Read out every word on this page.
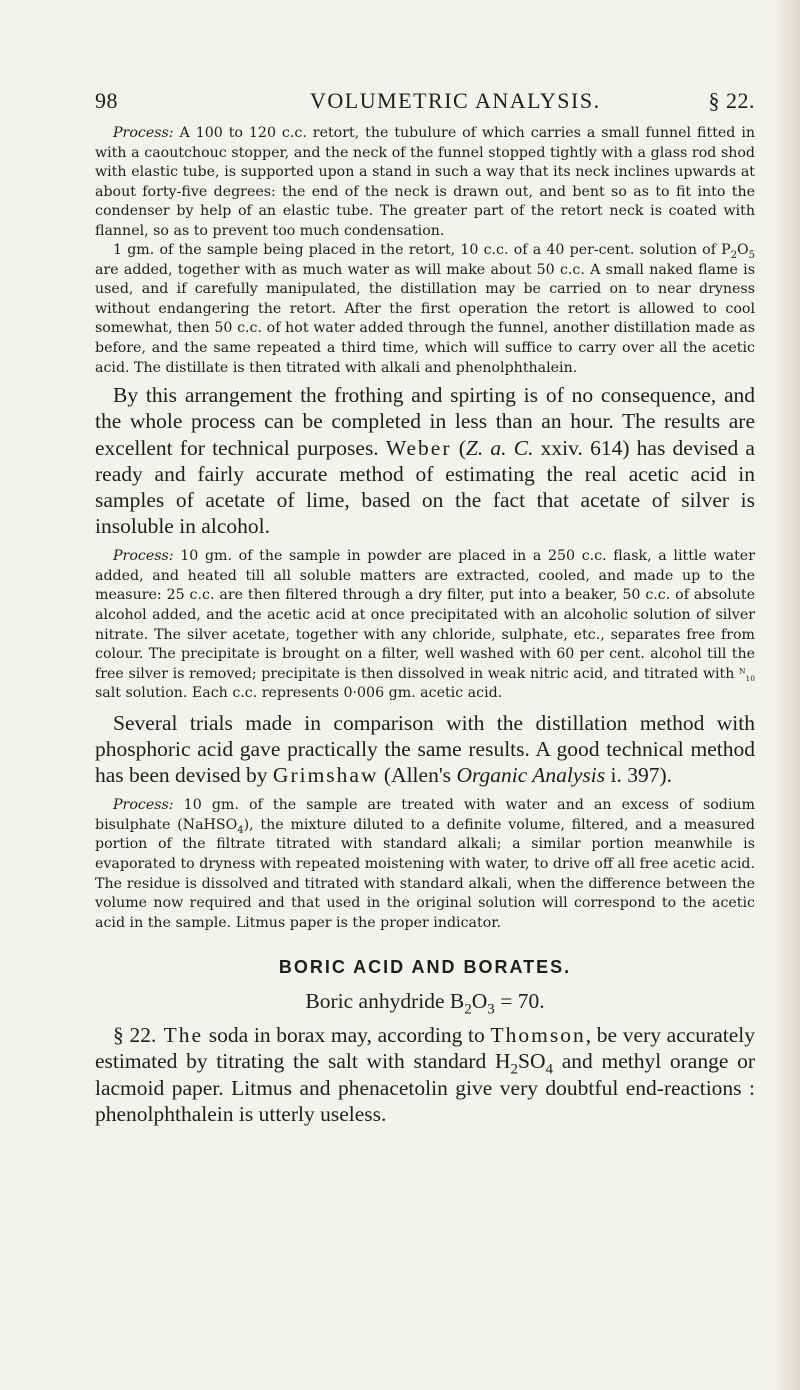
98	VOLUMETRIC ANALYSIS.	§ 22.

Process: A 100 to 120 c.c. retort, the tubulure of which carries a small funnel fitted in with a caoutchouc stopper, and the neck of the funnel stopped tightly with a glass rod shod with elastic tube, is supported upon a stand in such a way that its neck inclines upwards at about forty-five degrees: the end of the neck is drawn out, and bent so as to fit into the condenser by help of an elastic tube. The greater part of the retort neck is coated with flannel, so as to prevent too much condensation.

1 gm. of the sample being placed in the retort, 10 c.c. of a 40 per-cent. solution of $P_2O_5$ are added, together with as much water as will make about 50 c.c. A small naked flame is used, and if carefully manipulated, the distillation may be carried on to near dryness without endangering the retort. After the first operation the retort is allowed to cool somewhat, then 50 c.c. of hot water added through the funnel, another distillation made as before, and the same repeated a third time, which will suffice to carry over all the acetic acid. The distillate is then titrated with alkali and phenolphthalein.

By this arrangement the frothing and spirting is of no consequence, and the whole process can be completed in less than an hour. The results are excellent for technical purposes. Weber (Z. a. C. xxiv. 614) has devised a ready and fairly accurate method of estimating the real acetic acid in samples of acetate of lime, based on the fact that acetate of silver is insoluble in alcohol.

Process: 10 gm. of the sample in powder are placed in a 250 c.c. flask, a little water added, and heated till all soluble matters are extracted, cooled, and made up to the measure: 25 c.c. are then filtered through a dry filter, put into a beaker, 50 c.c. of absolute alcohol added, and the acetic acid at once precipitated with an alcoholic solution of silver nitrate. The silver acetate, together with any chloride, sulphate, etc., separates free from colour. The precipitate is brought on a filter, well washed with 60 per cent. alcohol till the free silver is removed; precipitate is then dissolved in weak nitric acid, and titrated with $^N_{10}$ salt solution. Each c.c. represents 0·006 gm. acetic acid.

Several trials made in comparison with the distillation method with phosphoric acid gave practically the same results. A good technical method has been devised by Grimshaw (Allen's Organic Analysis i. 397).

Process: 10 gm. of the sample are treated with water and an excess of sodium bisulphate (NaHSO$_4$), the mixture diluted to a definite volume, filtered, and a measured portion of the filtrate titrated with standard alkali; a similar portion meanwhile is evaporated to dryness with repeated moistening with water, to drive off all free acetic acid. The residue is dissolved and titrated with standard alkali, when the difference between the volume now required and that used in the original solution will correspond to the acetic acid in the sample. Litmus paper is the proper indicator.

BORIC ACID AND BORATES.
Boric anhydride $B_2O_3 = 70$.

§ 22. The soda in borax may, according to Thomson, be very accurately estimated by titrating the salt with standard $H_2SO_4$ and methyl orange or lacmoid paper. Litmus and phenacetolin give very doubtful end-reactions : phenolphthalein is utterly useless.
